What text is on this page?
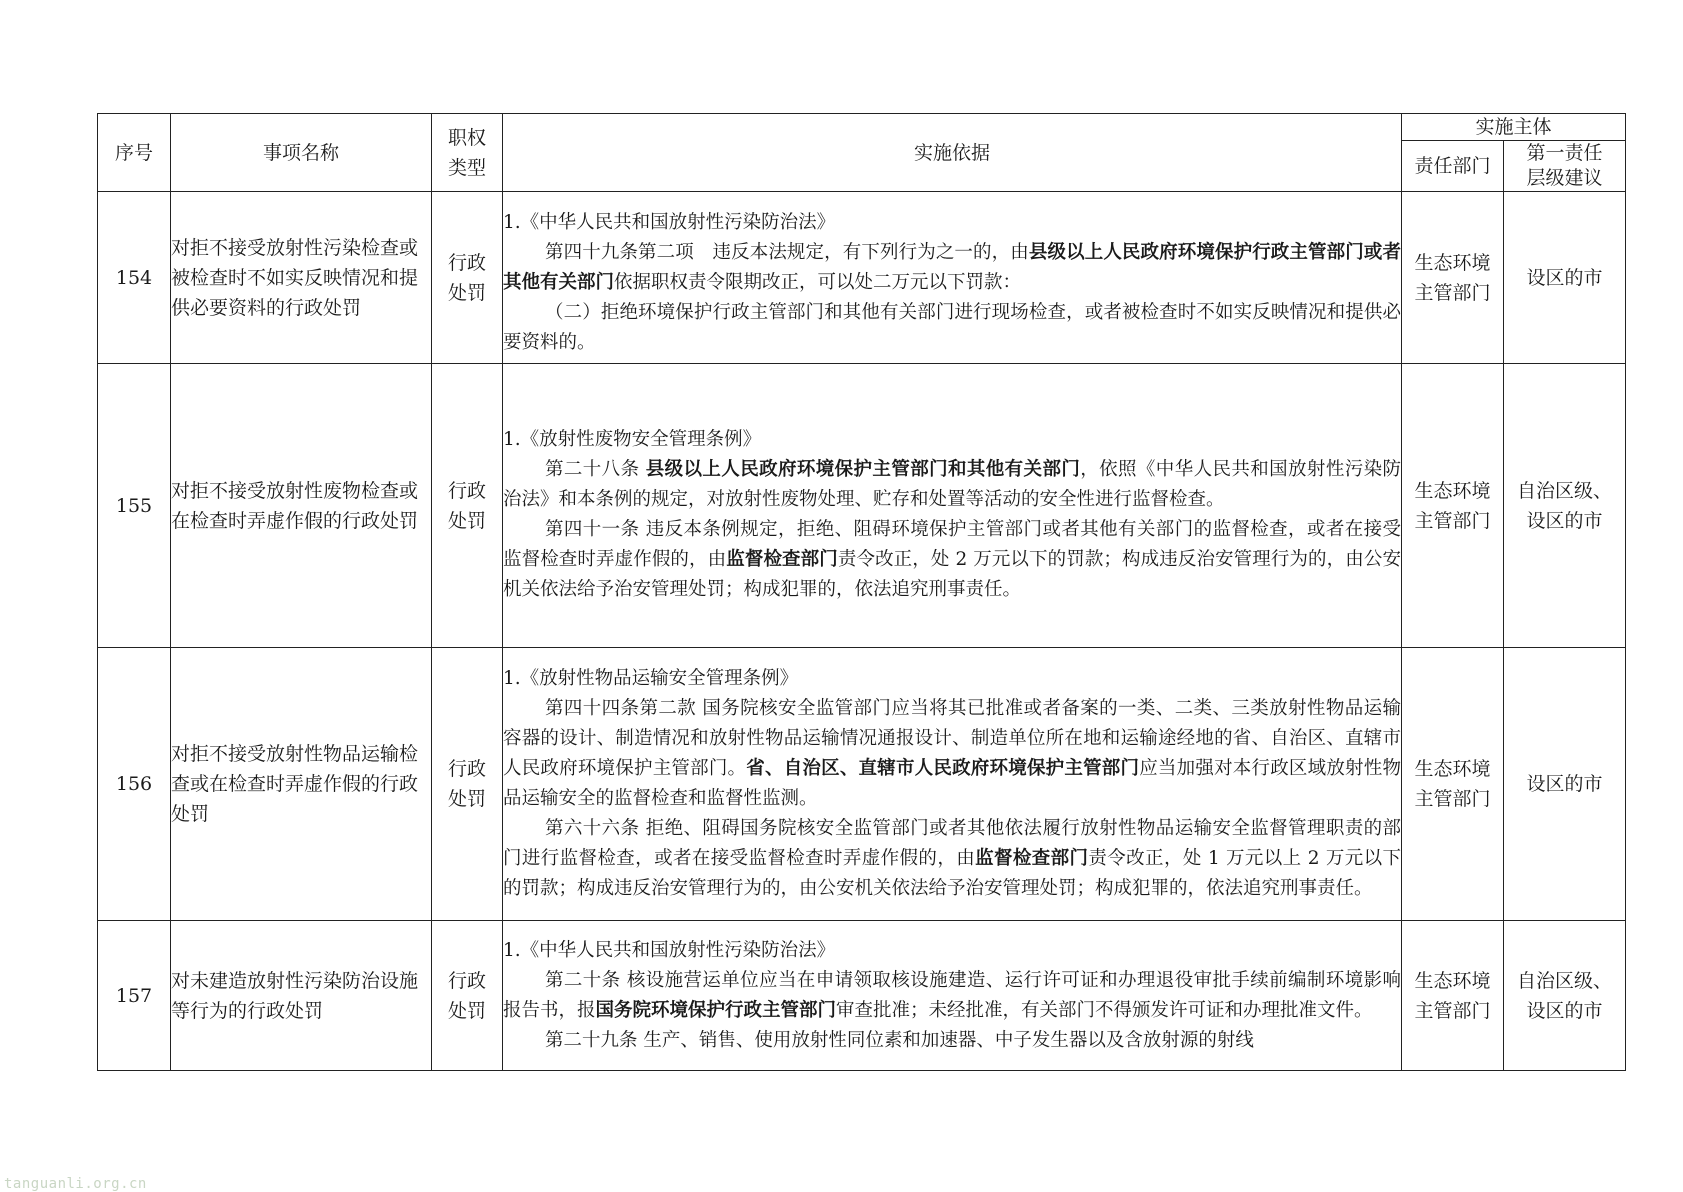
序号	事项名称	职权类型	实施依据	实施主体	
				责任部门	第一责任层级建议
154	对拒不接受放射性污染检查或被检查时不如实反映情况和提供必要资料的行政处罚	行政处罚	1.《中华人民共和国放射性污染防治法》

第四十九条第二项　违反本法规定，有下列行为之一的，由县级以上人民政府环境保护行政主管部门或者其他有关部门依据职权责令限期改正，可以处二万元以下罚款：

（二）拒绝环境保护行政主管部门和其他有关部门进行现场检查，或者被检查时不如实反映情况和提供必要资料的。	生态环境主管部门	设区的市
155	对拒不接受放射性废物检查或在检查时弄虚作假的行政处罚	行政处罚	1.《放射性废物安全管理条例》

第二十八条 县级以上人民政府环境保护主管部门和其他有关部门，依照《中华人民共和国放射性污染防治法》和本条例的规定，对放射性废物处理、贮存和处置等活动的安全性进行监督检查。

第四十一条 违反本条例规定，拒绝、阻碍环境保护主管部门或者其他有关部门的监督检查，或者在接受监督检查时弄虚作假的，由监督检查部门责令改正，处 2 万元以下的罚款；构成违反治安管理行为的，由公安机关依法给予治安管理处罚；构成犯罪的，依法追究刑事责任。	生态环境主管部门	自治区级、设区的市
156	对拒不接受放射性物品运输检查或在检查时弄虚作假的行政处罚	行政处罚	1.《放射性物品运输安全管理条例》

第四十四条第二款 国务院核安全监管部门应当将其已批准或者备案的一类、二类、三类放射性物品运输容器的设计、制造情况和放射性物品运输情况通报设计、制造单位所在地和运输途经地的省、自治区、直辖市人民政府环境保护主管部门。省、自治区、直辖市人民政府环境保护主管部门应当加强对本行政区域放射性物品运输安全的监督检查和监督性监测。

第六十六条 拒绝、阻碍国务院核安全监管部门或者其他依法履行放射性物品运输安全监督管理职责的部门进行监督检查，或者在接受监督检查时弄虚作假的，由监督检查部门责令改正，处 1 万元以上 2 万元以下的罚款；构成违反治安管理行为的，由公安机关依法给予治安管理处罚；构成犯罪的，依法追究刑事责任。	生态环境主管部门	设区的市
157	对未建造放射性污染防治设施等行为的行政处罚	行政处罚	1.《中华人民共和国放射性污染防治法》

第二十条 核设施营运单位应当在申请领取核设施建造、运行许可证和办理退役审批手续前编制环境影响报告书，报国务院环境保护行政主管部门审查批准；未经批准，有关部门不得颁发许可证和办理批准文件。

第二十九条 生产、销售、使用放射性同位素和加速器、中子发生器以及含放射源的射线	生态环境主管部门	自治区级、设区的市
tanguanli.org.cn
